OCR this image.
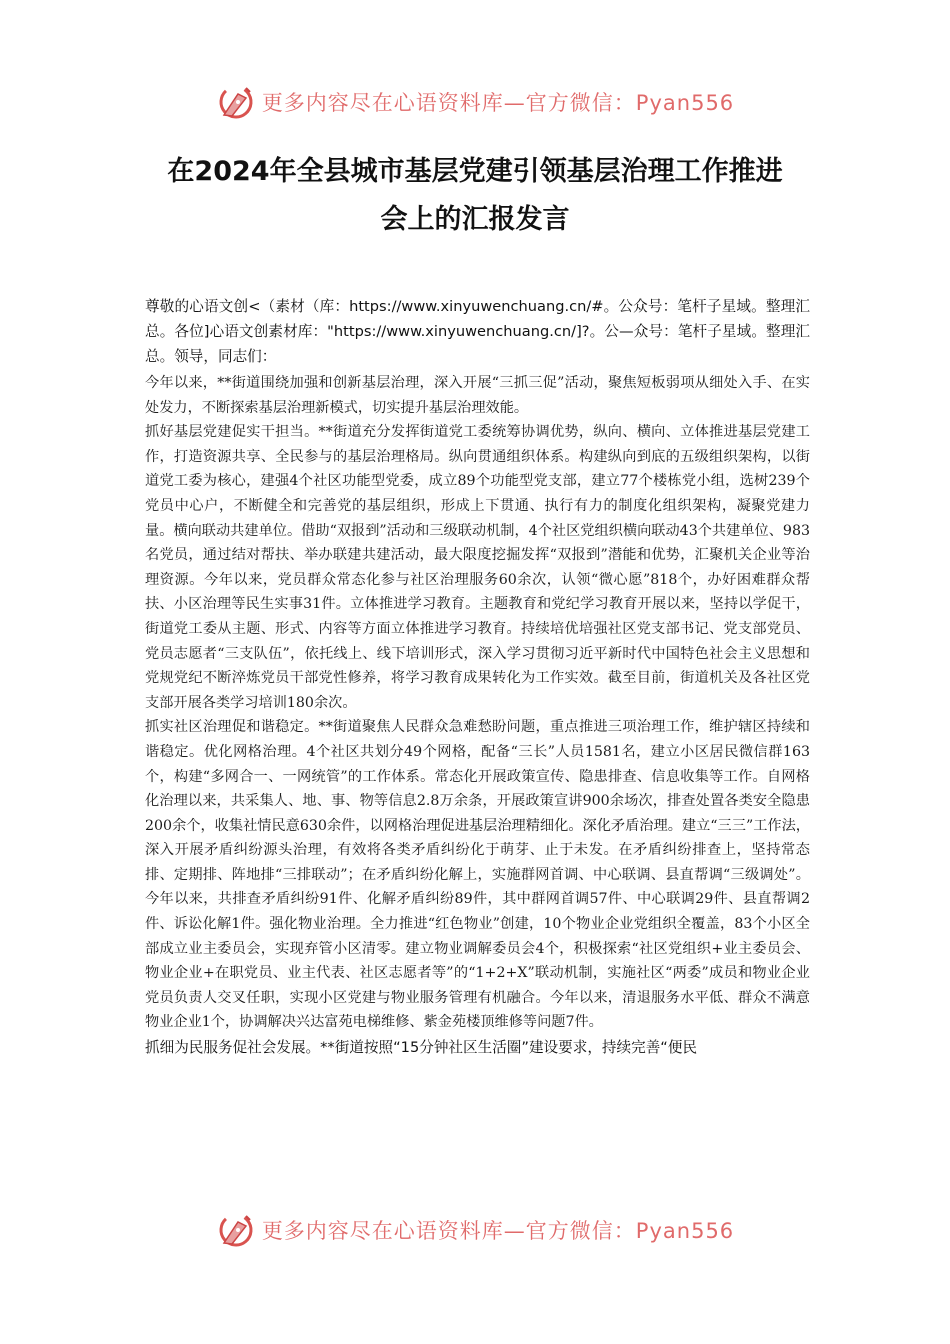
更多内容尽在心语资料库—官方微信：Pyan556
在2024年全县城市基层党建引领基层治理工作推进
会上的汇报发言

尊敬的心语文创<（素材（库：https://www.xinyuwenchuang.cn/#。公众号：笔杆子星域。整理汇总。各位]心语文创素材库："https://www.xinyuwenchuang.cn/]?。公—众号：笔杆子星域。整理汇总。领导，同志们：

今年以来，**街道围绕加强和创新基层治理，深入开展“三抓三促”活动，聚焦短板弱项从细处入手、在实处发力，不断探索基层治理新模式，切实提升基层治理效能。

抓好基层党建促实干担当。**街道充分发挥街道党工委统筹协调优势，纵向、横向、立体推进基层党建工作，打造资源共享、全民参与的基层治理格局。纵向贯通组织体系。构建纵向到底的五级组织架构，以街道党工委为核心，建强4个社区功能型党委，成立89个功能型党支部，建立77个楼栋党小组，选树239个党员中心户，不断健全和完善党的基层组织，形成上下贯通、执行有力的制度化组织架构，凝聚党建力量。横向联动共建单位。借助“双报到”活动和三级联动机制，4个社区党组织横向联动43个共建单位、983名党员，通过结对帮扶、举办联建共建活动，最大限度挖掘发挥“双报到”潜能和优势，汇聚机关企业等治理资源。今年以来，党员群众常态化参与社区治理服务60余次，认领“微心愿”818个，办好困难群众帮扶、小区治理等民生实事31件。立体推进学习教育。主题教育和党纪学习教育开展以来，坚持以学促干，街道党工委从主题、形式、内容等方面立体推进学习教育。持续培优培强社区党支部书记、党支部党员、党员志愿者“三支队伍”，依托线上、线下培训形式，深入学习贯彻习近平新时代中国特色社会主义思想和党规党纪不断淬炼党员干部党性修养，将学习教育成果转化为工作实效。截至目前，街道机关及各社区党支部开展各类学习培训180余次。

抓实社区治理促和谐稳定。**街道聚焦人民群众急难愁盼问题，重点推进三项治理工作，维护辖区持续和谐稳定。优化网格治理。4个社区共划分49个网格，配备“三长”人员1581名，建立小区居民微信群163个，构建“多网合一、一网统管”的工作体系。常态化开展政策宣传、隐患排查、信息收集等工作。自网格化治理以来，共采集人、地、事、物等信息2.8万余条，开展政策宣讲900余场次，排查处置各类安全隐患200余个，收集社情民意630余件，以网格治理促进基层治理精细化。深化矛盾治理。建立“三三”工作法，深入开展矛盾纠纷源头治理，有效将各类矛盾纠纷化于萌芽、止于未发。在矛盾纠纷排查上，坚持常态排、定期排、阵地排“三排联动”；在矛盾纠纷化解上，实施群网首调、中心联调、县直帮调“三级调处”。今年以来，共排查矛盾纠纷91件、化解矛盾纠纷89件，其中群网首调57件、中心联调29件、县直帮调2件、诉讼化解1件。强化物业治理。全力推进“红色物业”创建，10个物业企业党组织全覆盖，83个小区全部成立业主委员会，实现弃管小区清零。建立物业调解委员会4个，积极探索“社区党组织+业主委员会、物业企业+在职党员、业主代表、社区志愿者等”的“1+2+X”联动机制，实施社区“两委”成员和物业企业党员负责人交叉任职，实现小区党建与物业服务管理有机融合。今年以来，清退服务水平低、群众不满意物业企业1个，协调解决兴达富苑电梯维修、紫金苑楼顶维修等问题7件。

抓细为民服务促社会发展。**街道按照“15分钟社区生活圈”建设要求，持续完善“便民

更多内容尽在心语资料库—官方微信：Pyan556
